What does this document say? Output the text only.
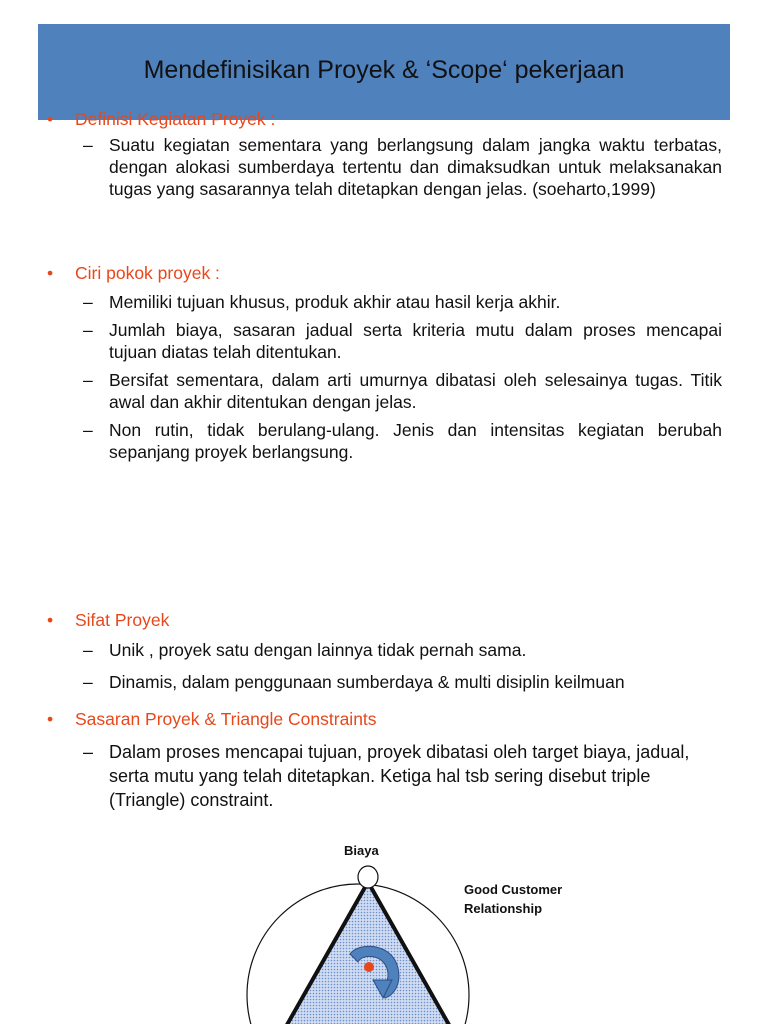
Mendefinisikan Proyek & ‘Scope‘ pekerjaan
• Definisi Kegiatan Proyek :
– Suatu kegiatan sementara yang berlangsung dalam jangka waktu terbatas, dengan alokasi sumberdaya tertentu dan dimaksudkan untuk melaksanakan tugas yang sasarannya telah ditetapkan dengan jelas. (soeharto,1999)
• Ciri pokok proyek :
– Memiliki tujuan khusus, produk akhir atau hasil kerja akhir.
– Jumlah biaya, sasaran jadual serta kriteria mutu dalam proses mencapai tujuan diatas telah ditentukan.
– Bersifat sementara, dalam arti umurnya dibatasi oleh selesainya tugas. Titik awal dan akhir ditentukan dengan jelas.
– Non rutin, tidak berulang-ulang. Jenis dan intensitas kegiatan berubah sepanjang proyek berlangsung.
• Sifat Proyek
– Unik , proyek satu dengan lainnya tidak pernah sama.
– Dinamis, dalam penggunaan sumberdaya & multi disiplin keilmuan
• Sasaran Proyek & Triangle Constraints
– Dalam proses mencapai tujuan, proyek dibatasi oleh target biaya, jadual, serta mutu yang telah ditetapkan. Ketiga hal tsb sering disebut triple (Triangle) constraint.
Biaya
Good Customer
Relationship
